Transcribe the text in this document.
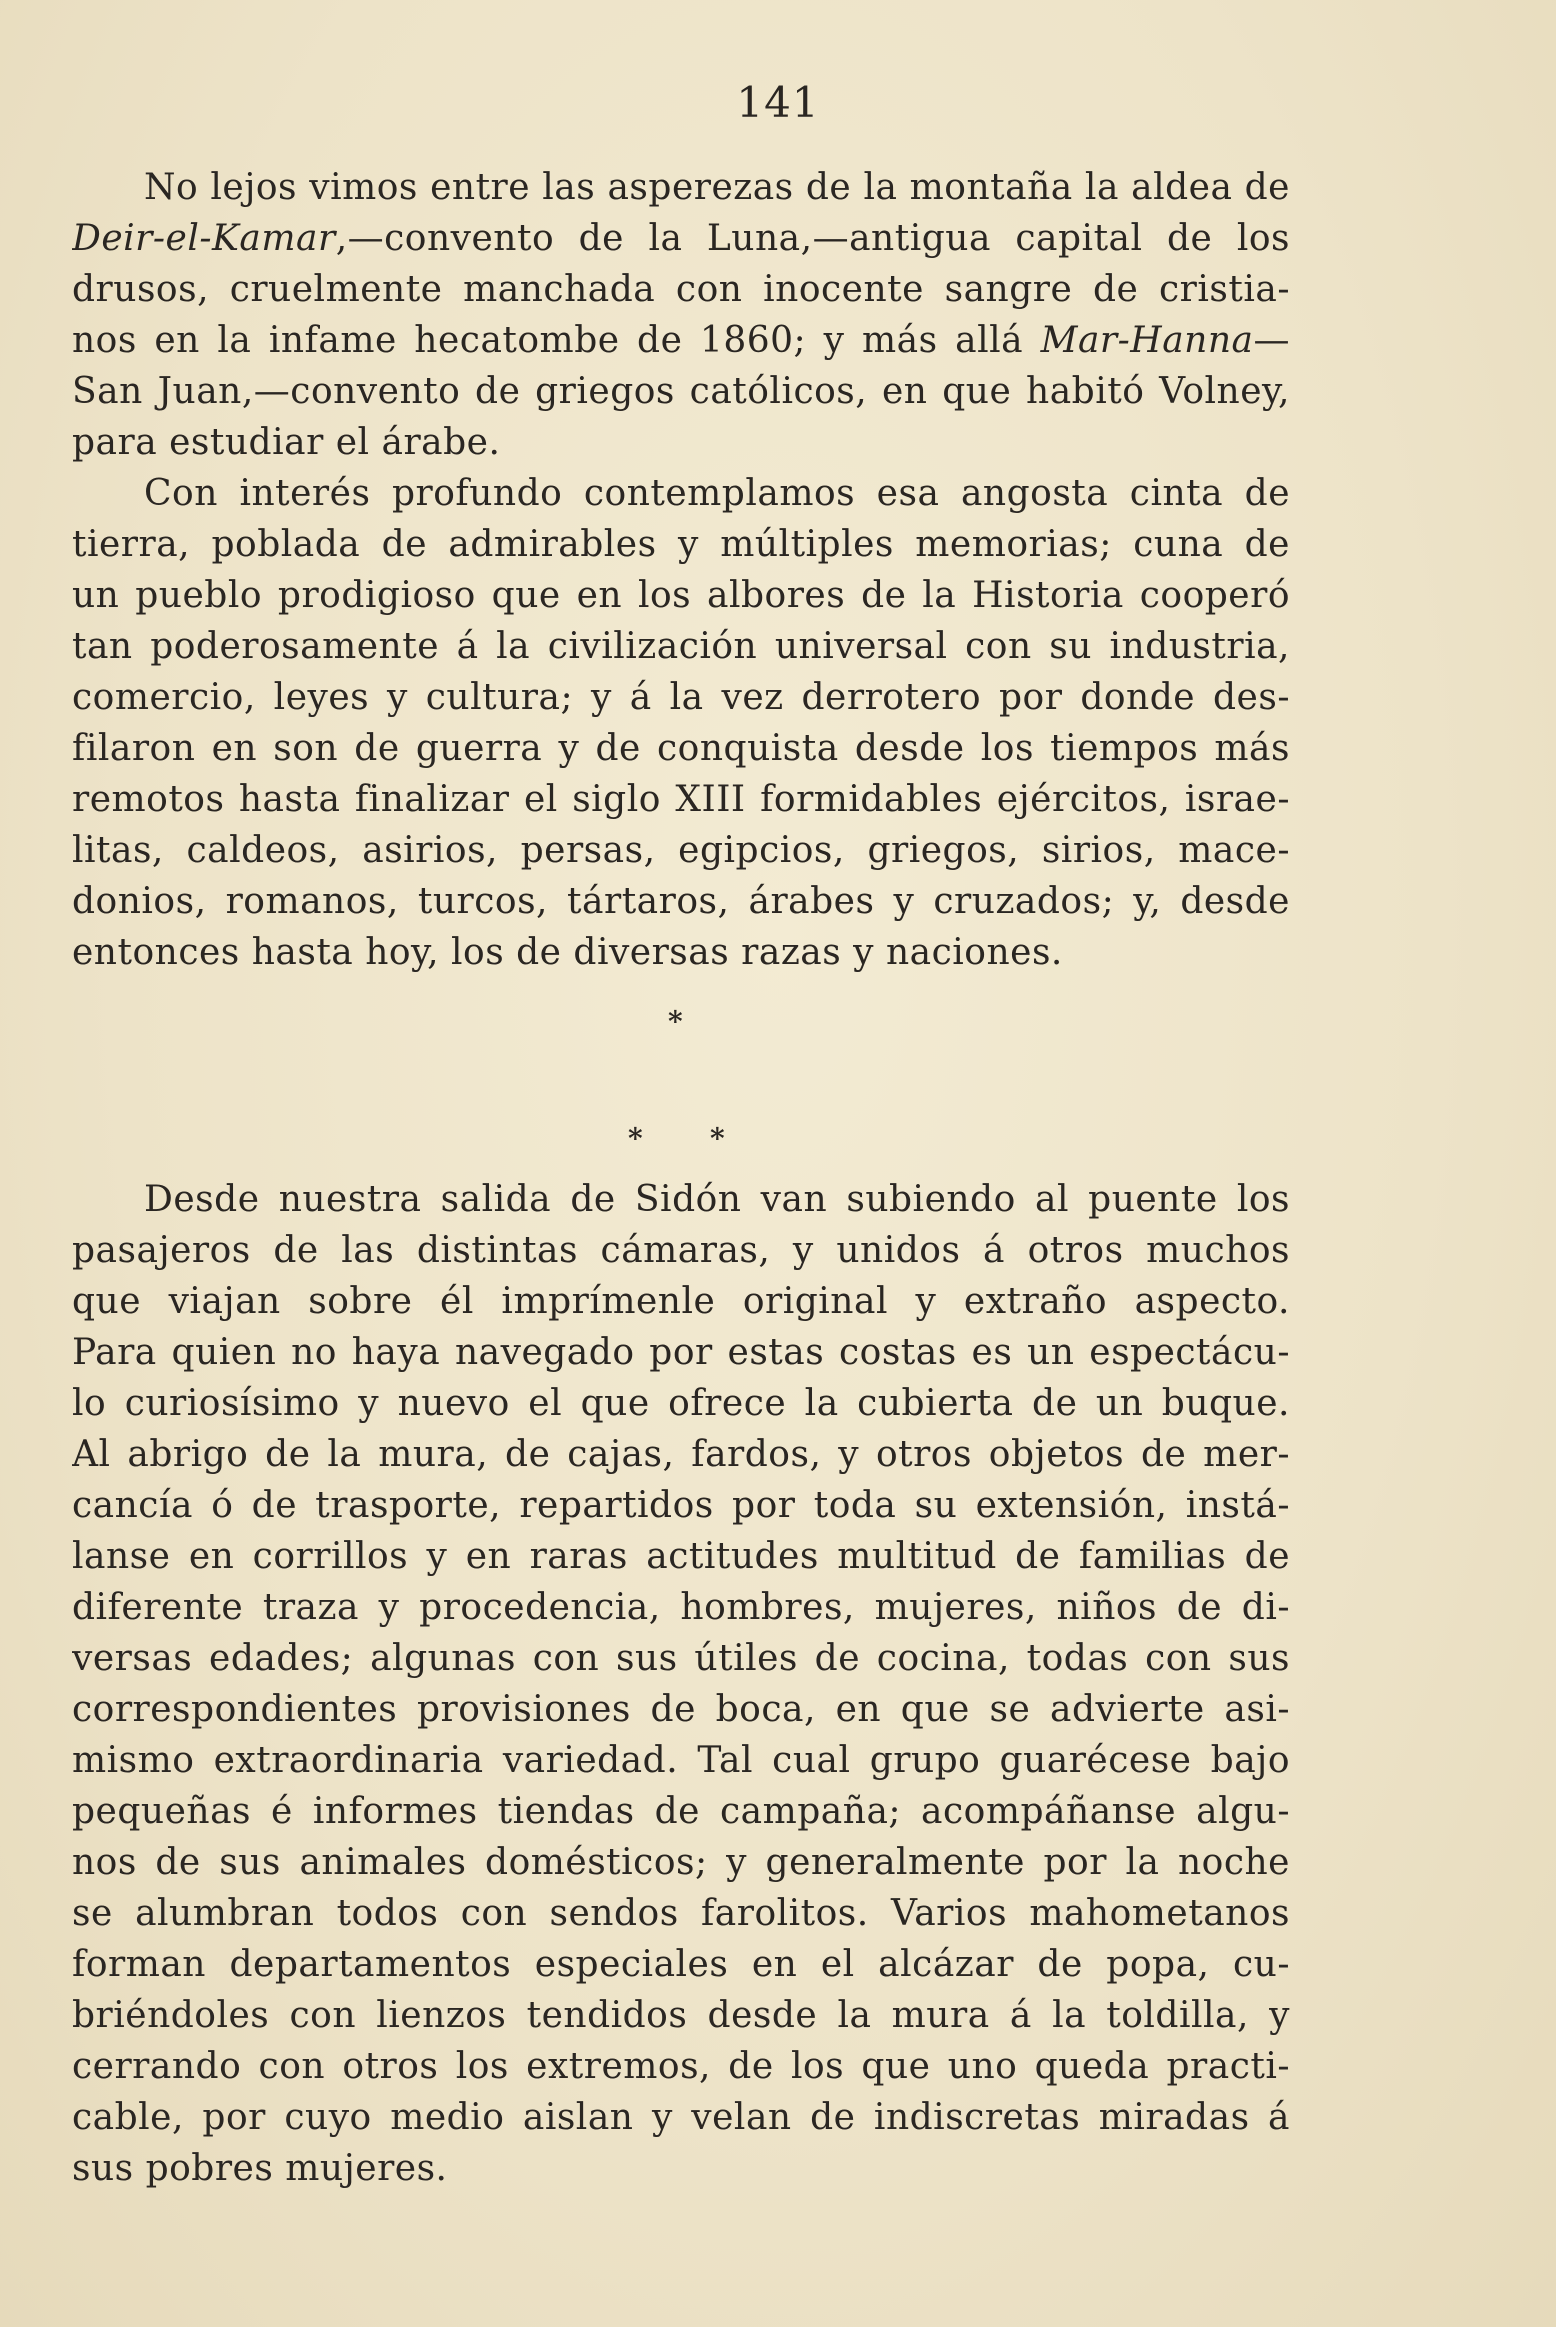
141
No lejos vimos entre las asperezas de la montaña la aldea de
Deir-el-Kamar,—convento de la Luna,—antigua capital de los
drusos, cruelmente manchada con inocente sangre de cristia-
nos en la infame hecatombe de 1860; y más allá Mar-Hanna—
San Juan,—convento de griegos católicos, en que habitó Volney,
para estudiar el árabe.
Con interés profundo contemplamos esa angosta cinta de
tierra, poblada de admirables y múltiples memorias; cuna de
un pueblo prodigioso que en los albores de la Historia cooperó
tan poderosamente á la civilización universal con su industria,
comercio, leyes y cultura; y á la vez derrotero por donde des-
filaron en son de guerra y de conquista desde los tiempos más
remotos hasta finalizar el siglo XIII formidables ejércitos, israe-
litas, caldeos, asirios, persas, egipcios, griegos, sirios, mace-
donios, romanos, turcos, tártaros, árabes y cruzados; y, desde
entonces hasta hoy, los de diversas razas y naciones.
*
* *
Desde nuestra salida de Sidón van subiendo al puente los
pasajeros de las distintas cámaras, y unidos á otros muchos
que viajan sobre él imprímenle original y extraño aspecto.
Para quien no haya navegado por estas costas es un espectácu-
lo curiosísimo y nuevo el que ofrece la cubierta de un buque.
Al abrigo de la mura, de cajas, fardos, y otros objetos de mer-
cancía ó de trasporte, repartidos por toda su extensión, instá-
lanse en corrillos y en raras actitudes multitud de familias de
diferente traza y procedencia, hombres, mujeres, niños de di-
versas edades; algunas con sus útiles de cocina, todas con sus
correspondientes provisiones de boca, en que se advierte asi-
mismo extraordinaria variedad. Tal cual grupo guarécese bajo
pequeñas é informes tiendas de campaña; acompáñanse algu-
nos de sus animales domésticos; y generalmente por la noche
se alumbran todos con sendos farolitos. Varios mahometanos
forman departamentos especiales en el alcázar de popa, cu-
briéndoles con lienzos tendidos desde la mura á la toldilla, y
cerrando con otros los extremos, de los que uno queda practi-
cable, por cuyo medio aislan y velan de indiscretas miradas á
sus pobres mujeres.
